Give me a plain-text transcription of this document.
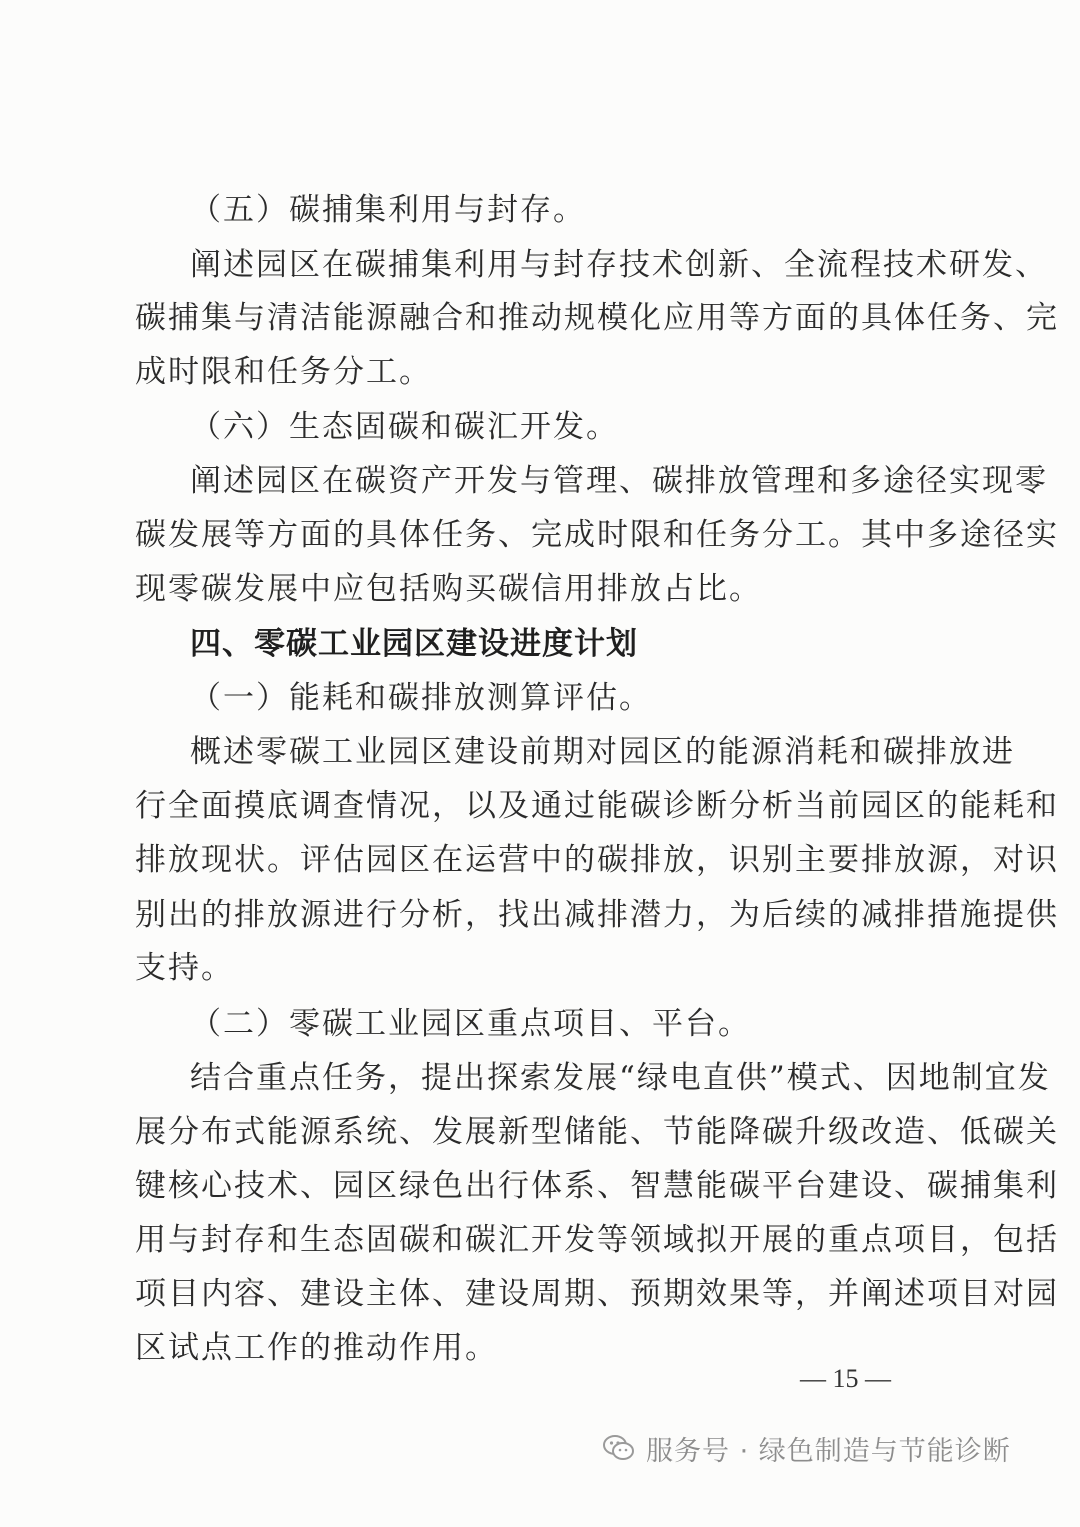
（五）碳捕集利用与封存。
阐述园区在碳捕集利用与封存技术创新、全流程技术研发、
碳捕集与清洁能源融合和推动规模化应用等方面的具体任务、完
成时限和任务分工。
（六）生态固碳和碳汇开发。
阐述园区在碳资产开发与管理、碳排放管理和多途径实现零
碳发展等方面的具体任务、完成时限和任务分工。其中多途径实
现零碳发展中应包括购买碳信用排放占比。
四、零碳工业园区建设进度计划
（一）能耗和碳排放测算评估。
概述零碳工业园区建设前期对园区的能源消耗和碳排放进
行全面摸底调查情况，以及通过能碳诊断分析当前园区的能耗和
排放现状。评估园区在运营中的碳排放，识别主要排放源，对识
别出的排放源进行分析，找出减排潜力，为后续的减排措施提供
支持。
（二）零碳工业园区重点项目、平台。
结合重点任务，提出探索发展“绿电直供”模式、因地制宜发
展分布式能源系统、发展新型储能、节能降碳升级改造、低碳关
键核心技术、园区绿色出行体系、智慧能碳平台建设、碳捕集利
用与封存和生态固碳和碳汇开发等领域拟开展的重点项目，包括
项目内容、建设主体、建设周期、预期效果等，并阐述项目对园
区试点工作的推动作用。
— 15 —
服务号 · 绿色制造与节能诊断
